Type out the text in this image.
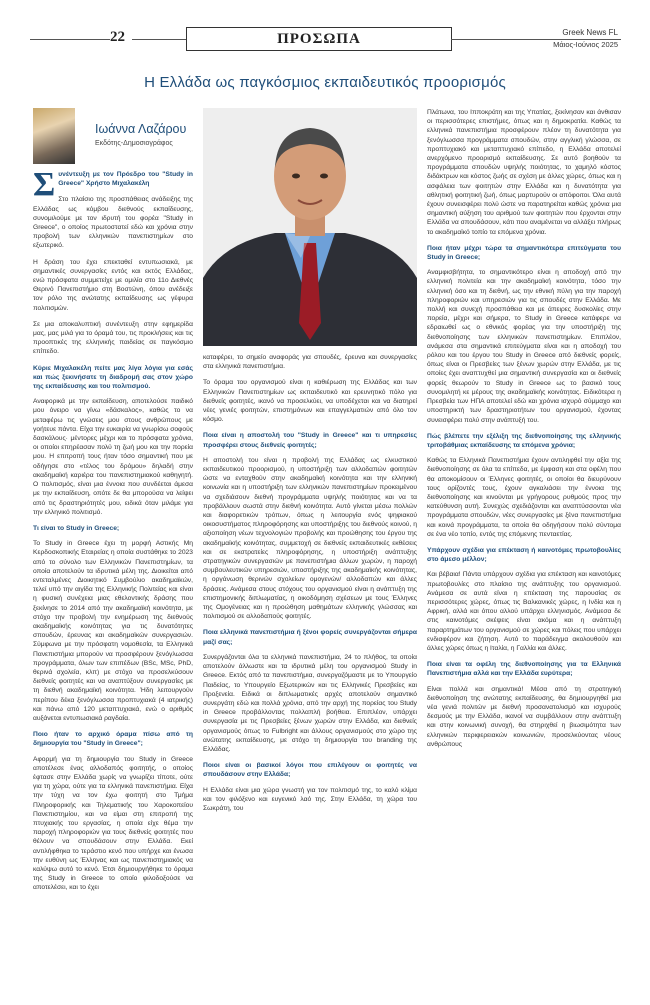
22	ΠΡΟΣΩΠΑ	Greek News FL
Μάιος-Ιούνιος 2025
Η Ελλάδα ως παγκόσμιος εκπαιδευτικός προορισμός
Ιωάννα Λαζάρου
Εκδότης-Δημοσιογράφος

Συνέντευξη με τον Πρόεδρο του "Study in Greece" Χρήστο Μιχαλακέλη

Στο πλαίσιο της προσπάθειας ανάδειξης της Ελλάδας ως κόμβου διεθνούς εκπαίδευσης, συνομιλούμε με τον ιδρυτή του φορέα "Study in Greece", ο οποίος πρωτοστατεί εδώ και χρόνια στην προβολή των ελληνικών πανεπιστημίων στο εξωτερικό.

Η δράση του έχει επεκταθεί εντυπωσιακά, με σημαντικές συνεργασίες εντός και εκτός Ελλάδας, ενώ πρόσφατα συμμετείχε με ομιλία στο 11ο Διεθνές Θερινό Πανεπιστήμιο στη Βοστώνη, όπου ανέδειξε τον ρόλο της ανώτατης εκπαίδευσης ως γέφυρα πολιτισμών.

Σε μια αποκαλυπτική συνέντευξη στην εφημερίδα μας, μας μιλά για το όραμά του, τις προκλήσεις και τις προοπτικές της ελληνικής παιδείας σε παγκόσμιο επίπεδο.

Κύριε Μιχαλακέλη πείτε μας λίγα λόγια για εσάς και πώς ξεκινήσατε τη διαδρομή σας στον χώρο της εκπαίδευσης και του πολιτισμού.

Αναφορικά με την εκπαίδευση, αποτελούσε παιδικό μου όνειρο να γίνω «δάσκαλος», καθώς το να μεταφέρω τις γνώσεις μου στους ανθρώπους με γοήτευε πάντα. Είχα την ευκαιρία να γνωρίσω σοφούς δασκάλους· μέντορες μέχρι και το πρόσφατα χρόνια, οι οποίοι επηρέασαν πολύ τη ζωή μου και την πορεία μου. Η επιτροπή τους ήταν τόσο σημαντική που με οδήγησε στο «τέλος του δρόμου» δηλαδή στην ακαδημαϊκή καριέρα του πανεπιστημιακού καθηγητή. Ο πολιτισμός, είναι μια έννοια που συνδέεται άμεσα με την εκπαίδευση, οπότε δε θα μπορούσα να λείψει από τις δραστηριότητές μου, ειδικά όταν μιλάμε για την ελληνικό πολιτισμό.

Τι είναι το Study in Greece;

Το Study in Greece έχει τη μορφή Αστικής Μη Κερδοσκοπικής Εταιρείας η οποία συστάθηκε το 2023 από το σύνολο των Ελληνικών Πανεπιστημίων, τα οποία αποτελούν τα ιδρυτικά μέλη της. Διοικείται από εντεταλμένες Διοικητικό Συμβούλιο ακαδημαϊκών, τελεί υπό την αιγίδα της Ελληνικής Πολιτείας και είναι η φυσική συνέχεια μιας εθελοντικής δράσης που ξεκίνησε το 2014 από την ακαδημαϊκή κοινότητα, με στόχο την προβολή την ενημέρωση της διεθνούς ακαδημαϊκής κοινότητας για τις δυνατότητες σπουδών, έρευνας και ακαδημαϊκών συνεργασιών. Σύμφωνα με την πρόσφατη νομοθεσία, τα Ελληνικά Πανεπιστήμια μπορούν να προσφέρουν ξενόγλωσσα προγράμματα, όλων των επιπέδων (BSc, MSc, PhD, θερινά σχολεία, κλπ) με στόχο να προσελκύσουν διεθνείς φοιτητές και να αναπτύξουν συνεργασίες με τη διεθνή ακαδημαϊκή κοινότητα. Ήδη λειτουργούν περίπου δέκα ξενόγλωσσα προπτυχιακά (4 ιατρικής) και πάνω από 120 μεταπτυχιακά, ενώ ο αριθμός αυξάνεται εντυπωσιακά ραγδαία.

Ποιο ήταν το αρχικό όραμα πίσω από τη δημιουργία του "Study in Greece";

Αφορμή για τη δημιουργία του Study in Greece αποτέλεσε ένας αλλοδαπός φοιτητής, ο οποίος έφτασε στην Ελλάδα χωρίς να γνωρίζει τίποτε, ούτε για τη χώρα, ούτε για τα ελληνικά πανεπιστήμια. Είχα την τύχη να τον έχω φοιτητή στο Τμήμα Πληροφορικής και Τηλεματικής του Χαροκοπείου Πανεπιστημίου, και να είμαι στη επιτροπή της πτυχιακής του εργασίας, η οποία είχε θέμα την παροχή πληροφοριών για τους διεθνείς φοιτητές που θέλουν να σπουδάσουν στην Ελλάδα. Εκεί αντιλήφθηκα το τεράστιο κενό που υπήρχε και ένωσα την ευθύνη ως Έλληνας και ως πανεπιστημιακός να καλύψω αυτό το κενό. Έτσι δημιουργήθηκε το όραμα της Study in Greece το οποίο φιλοδοξούσε να αποτελέσει, και το έχει

καταφέρει, το σημείο αναφοράς για σπουδές, έρευνα και συνεργασίες στα ελληνικά πανεπιστήμια.

Το όραμα του οργανισμού είναι η καθιέρωση της Ελλάδας και των Ελληνικών Πανεπιστημίων ως εκπαιδευτικό και ερευνητικό πόλο για διεθνείς φοιτητές, ικανό να προσελκύει, να υποδέχεται και να διατηρεί νέες γενιές φοιτητών, επιστημόνων και επαγγελματιών από όλο τον κόσμο.

Ποια είναι η αποστολή του "Study in Greece" και τι υπηρεσίες προσφέρει στους διεθνείς φοιτητές;

Η αποστολή του είναι η προβολή της Ελλάδας ως ελκυστικού εκπαιδευτικού προορισμού, η υποστήριξη των αλλοδαπών φοιτητών ώστε να ενταχθούν στην ακαδημαϊκή κοινότητα και την ελληνική κοινωνία και η υποστήριξη των ελληνικών πανεπιστημίων προκειμένου να σχεδιάσουν διεθνή προγράμματα υψηλής ποιότητας και να τα προβάλλουν σωστά στην διεθνή κοινότητα. Αυτό γίνεται μέσω πολλών και διαφορετικών τρόπων, όπως η λειτουργία ενός ψηφιακού οικοσυστήματος πληροφόρησης και υποστήριξης του διεθνούς κοινού, η αξιοποίηση νέων τεχνολογιών προβολής και προώθησης του έργου της ακαδημαϊκής κοινότητας, συμμετοχή σε διεθνείς εκπαιδευτικές εκθέσεις και σε εκστρατείες πληροφόρησης, η υποστήριξη ανάπτυξης στρατηγικών συνεργασιών με πανεπιστήμια άλλων χωρών, η παροχή συμβουλευτικών υπηρεσιών, υποστήριξης της ακαδημαϊκής κοινότητας, η οργάνωση θερινών σχολείων ομογενών/ αλλοδαπών και άλλες δράσεις. Ανάμεσα στους στόχους του οργανισμού είναι η ανάπτυξη της επιστημονικής διπλωματίας, η οικοδόμηση σχέσεων με τους Έλληνες της Ομογένειας και η προώθηση μαθημάτων ελληνικής γλώσσας και πολιτισμού σε αλλοδαπούς φοιτητές.

Ποια ελληνικά πανεπιστήμια ή ξένοι φορείς συνεργάζονται σήμερα μαζί σας;

Συνεργάζονται όλα τα ελληνικά πανεπιστήμια, 24 το πλήθος, τα οποία αποτελούν άλλωστε και τα ιδρυτικά μέλη του οργανισμού Study in Greece. Εκτός από τα πανεπιστήμια, συνεργαζόμαστε με το Υπουργείο Παιδείας, το Υπουργείο Εξωτερικών και τις Ελληνικές Πρεσβείες και Προξενεία. Ειδικά οι διπλωματικές αρχές αποτελούν σημαντικό συνεργάτη εδώ και πολλά χρόνια, από την αρχή της πορείας του Study in Greece προβάλλοντας πολλαπλή βοήθεια. Επιπλέον, υπάρχει συνεργασία με τις Πρεσβείες ξένων χωρών στην Ελλάδα, και διεθνείς οργανισμούς όπως το Fulbright και άλλους οργανισμούς στο χώρο της ανώτατης εκπαίδευσης, με στόχο τη δημιουργία του branding της Ελλάδας.

Ποιοι είναι οι βασικοί λόγοι που επιλέγουν οι φοιτητές να σπουδάσουν στην Ελλάδα;

Η Ελλάδα είναι μια χώρα γνωστή για τον πολιτισμό της, το καλό κλίμα και τον φιλόξενο και ευγενικό λαό της. Στην Ελλάδα, τη χώρα του Σωκράτη, του

Πλάτωνα, του Ιπποκράτη και της Υπατίας, ξεκίνησαν και άνθισαν οι περισσότερες επιστήμες, όπως και η δημοκρατία. Καθώς τα ελληνικά πανεπιστήμια προσφέρουν πλέον τη δυνατότητα για ξενόγλωσσα προγράμματα σπουδών, στην αγγλική γλώσσα, σε προπτυχιακό και μεταπτυχιακό επίπεδο, η Ελλάδα αποτελεί ανερχόμενο προορισμό εκπαίδευσης. Σε αυτό βοηθούν τα προγράμματα σπουδών υψηλής ποιότητας, το χαμηλό κόστος διδάκτρων και κόστος ζωής σε σχέση με άλλες χώρες, όπως και η ασφάλεια των φοιτητών στην Ελλάδα και η δυνατότητα για αθλητική φοιτητική ζωή, όπως μαρτυρούν οι απόφοιτοι. Όλα αυτά έχουν συνεισφέρει πολύ ώστε να παρατηρείται καθώς χρόνια μια σημαντική αύξηση του αριθμού των φοιτητών που έρχονται στην Ελλάδα να σπουδάσουν, κάτι που αναμένεται να αλλάξει πλήρως το ακαδημαϊκό τοπίο τα επόμενα χρόνια.

Ποια ήταν μέχρι τώρα τα σημαντικότερα επιτεύγματα του Study in Greece;

Αναμφισβήτητα, το σημαντικότερο είναι η αποδοχή από την ελληνική πολιτεία και την ακαδημαϊκή κοινότητα, τόσο την ελληνική όσο και τη διεθνή, ως την εθνική πύλη για την παροχή πληροφοριών και υπηρεσιών για τις σπουδές στην Ελλάδα. Με πολλή και συνεχή προσπάθεια και με άπειρες δυσκολίες στην πορεία, μέχρι και σήμερα, το Study in Greece κατάφερε να εδραιωθεί ως ο εθνικός φορέας για την υποστήριξη της διεθνοποίησης των ελληνικών πανεπιστημίων. Επιπλέον, ανάμεσα στα σημαντικά επιτεύγματα είναι και η αποδοχή του ρόλου και του έργου του Study in Greece από διεθνείς φορείς, όπως είναι οι Πρεσβείες των ξένων χωρών στην Ελλάδα, με τις οποίες έχει αναπτυχθεί μια σημαντική συνεργασία και οι διεθνείς φορείς θεωρούν το Study in Greece ως το βασικό τους συνομιλητή κε μέρους της ακαδημαϊκής κοινότητας. Ειδικότερα η Πρεσβεία των ΗΠΑ αποτελεί εδώ και χρόνια ισχυρό σύμμαχο και υποστηρικτή των δραστηριοτήτων του οργανισμού, έχοντας συνεισφέρει πολύ στην ανάπτυξή του.

Πώς βλέπετε την εξέλιξη της διεθνοποίησης της ελληνικής τριτοβάθμιας εκπαίδευσης τα επόμενα χρόνια;

Καθώς τα Ελληνικά Πανεπιστήμια έχουν αντιληφθεί την αξία της διεθνοποίησης σε όλα τα επίπεδα, με έμφαση και στα οφέλη που θα αποκομίσουν οι Έλληνες φοιτητές, οι οποίοι θα διευρύνουν τους ορίζοντές τους, έχουν αγκαλιάσει την έννοια της διεθνοποίησης και κινούνται με γρήγορους ρυθμούς προς την κατεύθυνση αυτή. Συνεχώς σχεδιάζονται και αναπτύσσονται νέα προγράμματα σπουδών, νέες συνεργασίες με ξένα πανεπιστήμια και κοινά προγράμματα, τα οποία θα οδηγήσουν πολύ σύντομα σε ένα νέο τοπίο, εντός της επόμενης πενταετίας.

Υπάρχουν σχέδια για επέκταση ή καινοτόμες πρωτοβουλίες στο άμεσο μέλλον;

Και βέβαια! Πάντα υπάρχουν σχέδια για επέκταση και καινοτόμες πρωτοβουλίες στο πλαίσιο της ανάπτυξης του οργανισμού. Ανάμεσα σε αυτά είναι η επέκταση της παρουσίας σε περισσότερες χώρες, όπως τις Βαλκανικές χώρες, η Ινδία και η Αφρική, αλλά και όπου αλλού υπάρχει ελληνισμός. Ανάμεσα δε στις καινοτόμες σκέψεις είναι ακόμα και η ανάπτυξη παραρτημάτων του οργανισμού σε χώρες και πόλεις που υπάρχει ενδιαφέρον και ζήτηση. Αυτό το παράδειγμα ακολουθούν και άλλες χώρες όπως η Ιταλία, η Γαλλία και άλλες.

Ποια είναι τα οφέλη της διεθνοποίησης για τα Ελληνικά Πανεπιστήμια αλλά και την Ελλάδα ευρύτερα;

Είναι πολλά και σημαντικά! Μέσα από τη στρατηγική διεθνοποίηση της ανώτατης εκπαίδευσης, θα δημιουργηθεί μια νέα γενιά πολιτών με διεθνή προσανατολισμό και ισχυρούς δεσμούς με την Ελλάδα, ικανοί να συμβάλλουν στην ανάπτυξη και στην κοινωνική συνοχή, θα στηριχθεί η βιωσιμότητα των ελληνικών περιφερειακών κοινωνιών, προσελκύοντας νέους ανθρώπους
